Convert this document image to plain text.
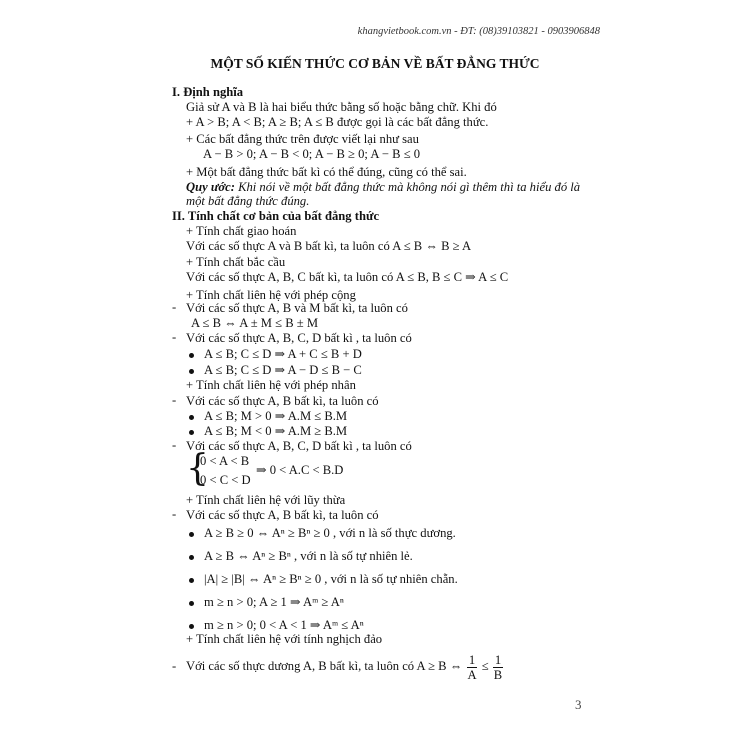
khangvietbook.com.vn - ĐT: (08)39103821 - 0903906848
MỘT SỐ KIẾN THỨC CƠ BẢN VỀ BẤT ĐẲNG THỨC
I. Định nghĩa
Giả sử A và B là hai biểu thức bằng số hoặc bằng chữ. Khi đó
+ A > B; A < B; A ≥ B; A ≤ B được gọi là các bất đẳng thức.
+ Các bất đẳng thức trên được viết lại như sau
A − B > 0; A − B < 0; A − B ≥ 0; A − B ≤ 0
+ Một bất đẳng thức bất kì có thể đúng, cũng có thể sai.
Quy ước: Khi nói về một bất đẳng thức mà không nói gì thêm thì ta hiểu đó là
một bất đẳng thức đúng.
II. Tính chất cơ bản của bất đẳng thức
+ Tính chất giao hoán
Với các số thực A và B bất kì, ta luôn có A ≤ B ⇔ B ≥ A
+ Tính chất bắc cầu
Với các số thực A, B, C bất kì, ta luôn có A ≤ B, B ≤ C ⇒ A ≤ C
+ Tính chất liên hệ với phép cộng
- Với các số thực A, B và M bất kì, ta luôn có
A ≤ B ⇔ A ± M ≤ B ± M
- Với các số thực A, B, C, D bất kì , ta luôn có
A ≤ B; C ≤ D ⇒ A + C ≤ B + D
A ≤ B; C ≤ D ⇒ A − D ≤ B − C
+ Tính chất liên hệ với phép nhân
- Với các số thực A, B bất kì, ta luôn có
A ≤ B; M > 0 ⇒ A.M ≤ B.M
A ≤ B; M < 0 ⇒ A.M ≥ B.M
- Với các số thực A, B, C, D bất kì , ta luôn có
{
0 < A < B
0 < C < D
⇒ 0 < A.C < B.D
+ Tính chất liên hệ với lũy thừa
- Với các số thực A, B bất kì, ta luôn có
A ≥ B ≥ 0 ⇔ Aⁿ ≥ Bⁿ ≥ 0 , với n là số thực dương.
A ≥ B ⇔ Aⁿ ≥ Bⁿ , với n là số tự nhiên lẻ.
|A| ≥ |B| ⇔ Aⁿ ≥ Bⁿ ≥ 0 , với n là số tự nhiên chẵn.
m ≥ n > 0; A ≥ 1 ⇒ Aᵐ ≥ Aⁿ
m ≥ n > 0; 0 < A < 1 ⇒ Aᵐ ≤ Aⁿ
+ Tính chất liên hệ với tính nghịch đảo
- Với các số thực dương A, B bất kì, ta luôn có A ≥ B ⇔ $\frac{1}{A} \le \frac{1}{B}$
3
